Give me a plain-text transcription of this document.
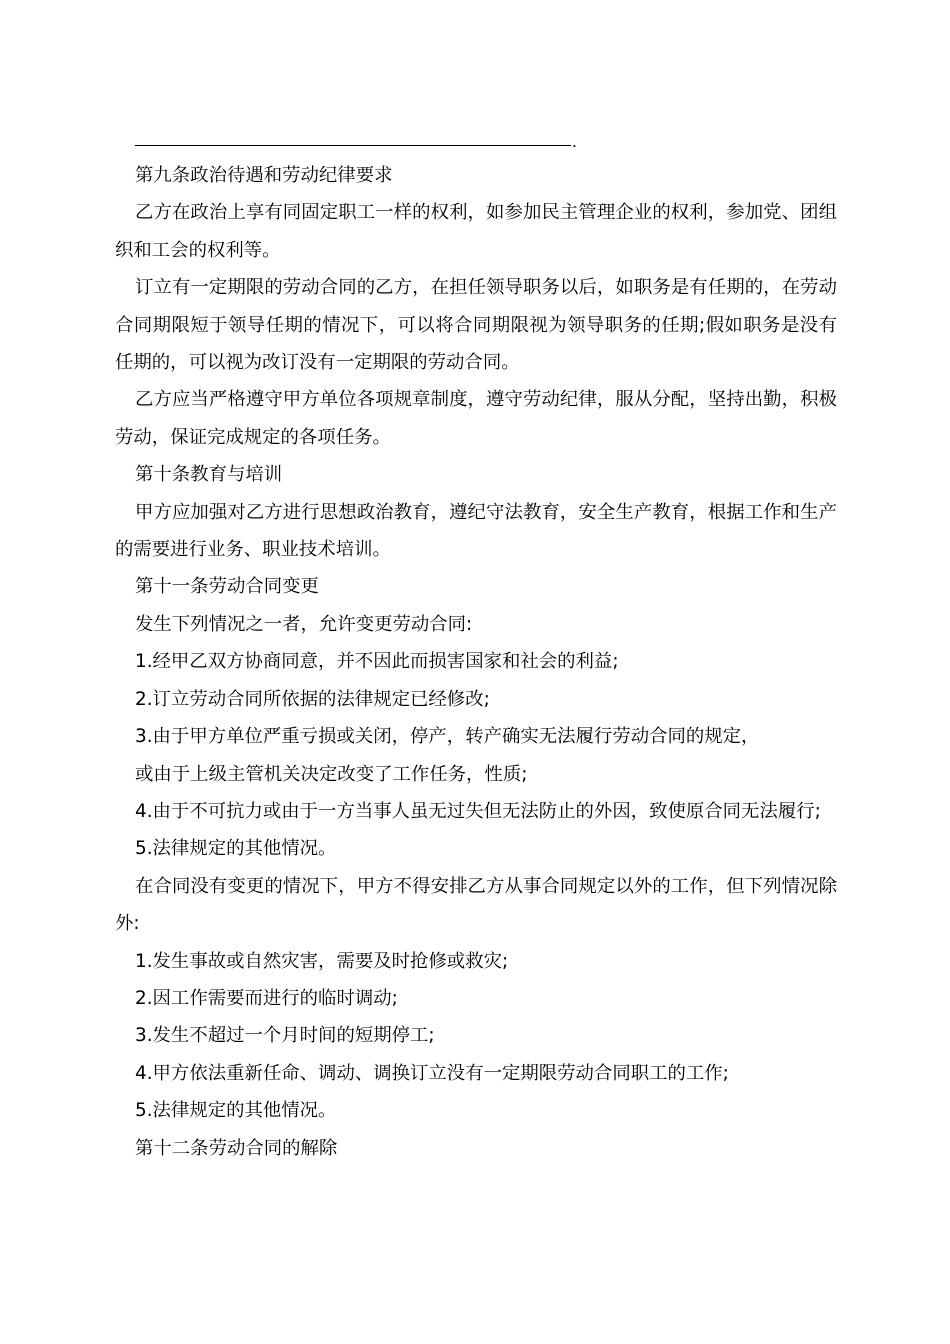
.

第九条政治待遇和劳动纪律要求

乙方在政治上享有同固定职工一样的权利，如参加民主管理企业的权利，参加党、团组织和工会的权利等。

订立有一定期限的劳动合同的乙方，在担任领导职务以后，如职务是有任期的，在劳动合同期限短于领导任期的情况下，可以将合同期限视为领导职务的任期;假如职务是没有任期的，可以视为改订没有一定期限的劳动合同。

乙方应当严格遵守甲方单位各项规章制度，遵守劳动纪律，服从分配，坚持出勤，积极劳动，保证完成规定的各项任务。

第十条教育与培训

甲方应加强对乙方进行思想政治教育，遵纪守法教育，安全生产教育，根据工作和生产的需要进行业务、职业技术培训。

第十一条劳动合同变更

发生下列情况之一者，允许变更劳动合同:

1.经甲乙双方协商同意，并不因此而损害国家和社会的利益;

2.订立劳动合同所依据的法律规定已经修改;

3.由于甲方单位严重亏损或关闭，停产，转产确实无法履行劳动合同的规定，

或由于上级主管机关决定改变了工作任务，性质;

4.由于不可抗力或由于一方当事人虽无过失但无法防止的外因，致使原合同无法履行;

5.法律规定的其他情况。

在合同没有变更的情况下，甲方不得安排乙方从事合同规定以外的工作，但下列情况除外:

1.发生事故或自然灾害，需要及时抢修或救灾;

2.因工作需要而进行的临时调动;

3.发生不超过一个月时间的短期停工;

4.甲方依法重新任命、调动、调换订立没有一定期限劳动合同职工的工作;

5.法律规定的其他情况。

第十二条劳动合同的解除
